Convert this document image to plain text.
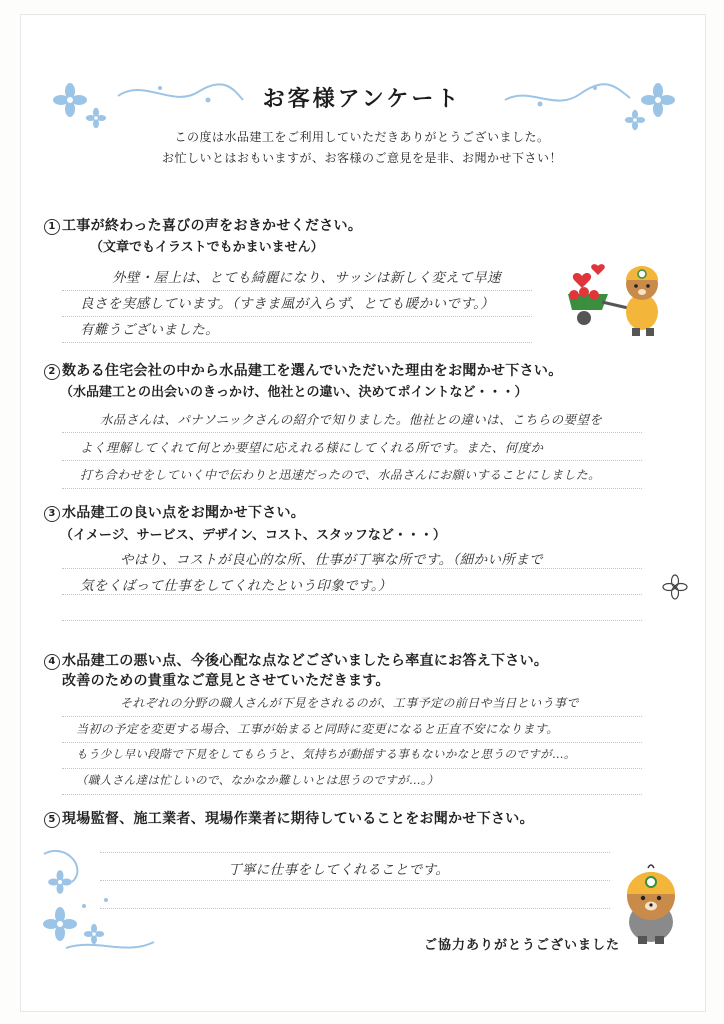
お客様アンケート
この度は水品建工をご利用していただきありがとうございました。
お忙しいとはおもいますが、お客様のご意見を是非、お聞かせ下さい！
1 工事が終わった喜びの声をおきかせください。
（文章でもイラストでもかまいません）
外壁・屋上は、とても綺麗になり、サッシは新しく変えて早速
良さを実感しています。（すきま風が入らず、とても暖かいです。）
有難うございました。
2 数ある住宅会社の中から水品建工を選んでいただいた理由をお聞かせ下さい。
（水品建工との出会いのきっかけ、他社との違い、決めてポイントなど・・・）
水品さんは、パナソニックさんの紹介で知りました。他社との違いは、こちらの要望を
よく理解してくれて何とか要望に応えれる様にしてくれる所です。また、何度か
打ち合わせをしていく中で伝わりと迅速だったので、水品さんにお願いすることにしました。
3 水品建工の良い点をお聞かせ下さい。
（イメージ、サービス、デザイン、コスト、スタッフなど・・・）
やはり、コストが良心的な所、仕事が丁寧な所です。（細かい所まで
気をくばって仕事をしてくれたという印象です。）
4 水品建工の悪い点、今後心配な点などございましたら率直にお答え下さい。
改善のための貴重なご意見とさせていただきます。
それぞれの分野の職人さんが下見をされるのが、工事予定の前日や当日という事で
当初の予定を変更する場合、工事が始まると同時に変更になると正直不安になります。
もう少し早い段階で下見をしてもらうと、気持ちが動揺する事もないかなと思うのですが…。
（職人さん達は忙しいので、なかなか難しいとは思うのですが…。）
5 現場監督、施工業者、現場作業者に期待していることをお聞かせ下さい。
丁寧に仕事をしてくれることです。
ご協力ありがとうございました
